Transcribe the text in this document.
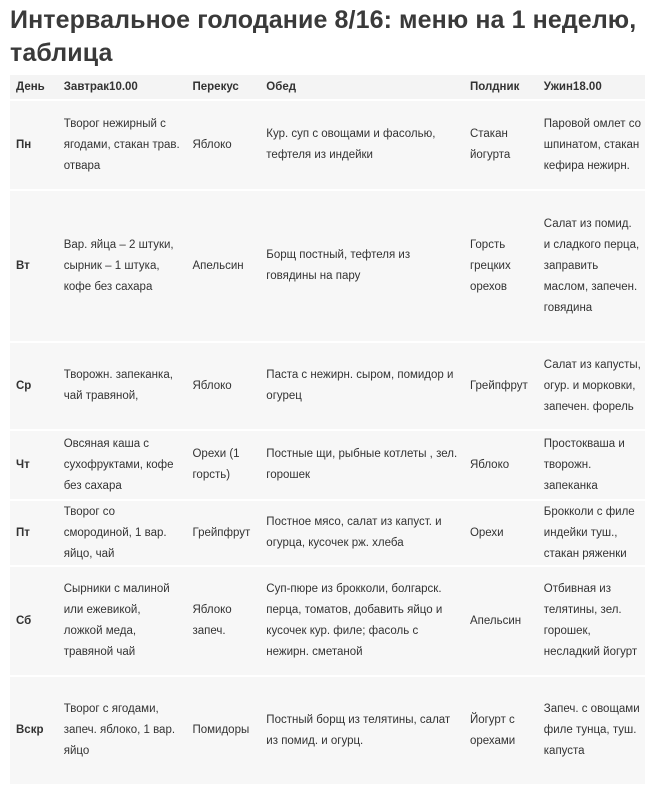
Интервальное голодание 8/16: меню на 1 неделю,
таблица
День	Завтрак10.00	Перекус	Обед	Полдник	Ужин18.00
Пн	Творог нежирный с ягодами, стакан трав. отвара	Яблоко	Кур. суп с овощами и фасолью, тефтеля из индейки	Стакан йогурта	Паровой омлет со шпинатом, стакан кефира нежирн.
Вт	Вар. яйца – 2 штуки, сырник – 1 штука, кофе без сахара	Апельсин	Борщ постный, тефтеля из говядины на пару	Горсть грецких орехов	Салат из помид. и сладкого перца, заправить маслом, запечен. говядина
Ср	Творожн. запеканка, чай травяной,	Яблоко	Паста с нежирн. сыром, помидор и огурец	Грейпфрут	Салат из капусты, огур. и морковки, запечен. форель
Чт	Овсяная каша с сухофруктами, кофе без сахара	Орехи (1 горсть)	Постные щи, рыбные котлеты , зел. горошек	Яблоко	Простокваша и творожн. запеканка
Пт	Творог со смородиной, 1 вар. яйцо, чай	Грейпфрут	Постное мясо, салат из капуст. и огурца, кусочек рж. хлеба	Орехи	Брокколи с филе индейки туш., стакан ряженки
Сб	Сырники с малиной или ежевикой, ложкой меда, травяной чай	Яблоко запеч.	Суп-пюре из брокколи, болгарск. перца, томатов, добавить яйцо и кусочек кур. филе; фасоль с нежирн. сметаной	Апельсин	Отбивная из телятины, зел. горошек, несладкий йогурт
Вскр	Творог с ягодами, запеч. яблоко, 1 вар. яйцо	Помидоры	Постный борщ из телятины, салат из помид. и огурц.	Йогурт с орехами	Запеч. с овощами филе тунца, туш. капуста
